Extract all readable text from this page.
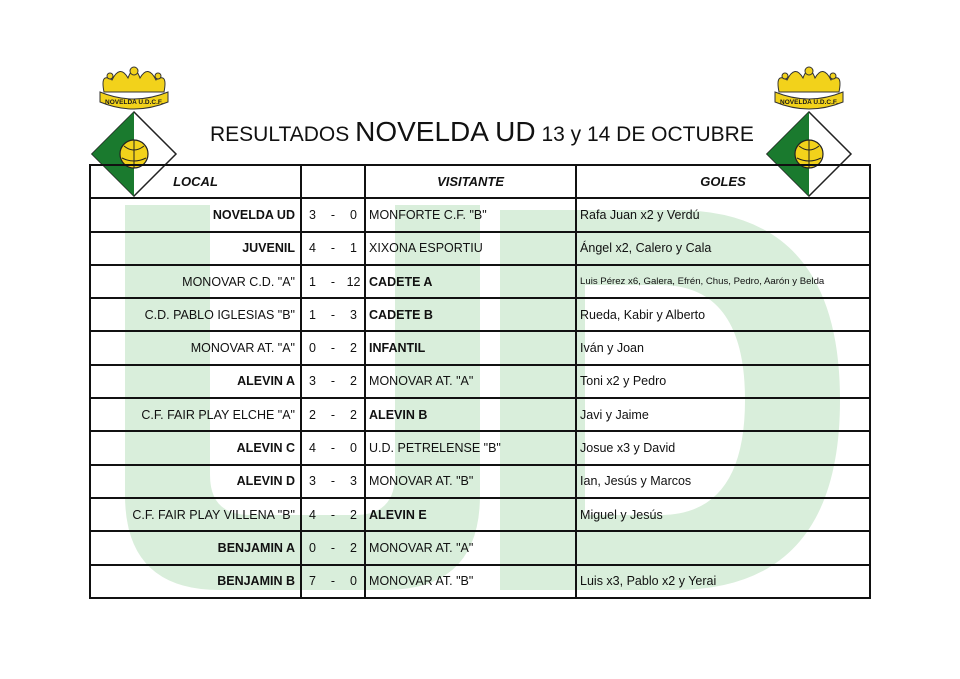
NOVELDA U.D.C.F.	NOVELDA U.D.C.F.
RESULTADOS NOVELDA UD 13 y 14 DE OCTUBRE
LOCAL				VISITANTE	GOLES
NOVELDA UD	3	-	0	MONFORTE C.F. "B"	Rafa Juan x2 y Verdú
JUVENIL	4	-	1	XIXONA ESPORTIU	Ángel x2, Calero y Cala
MONOVAR C.D. "A"	1	-	12	CADETE A	Luis Pérez x6, Galera, Efrén, Chus, Pedro, Aarón y Belda
C.D. PABLO IGLESIAS "B"	1	-	3	CADETE B	Rueda, Kabir y Alberto
MONOVAR AT. "A"	0	-	2	INFANTIL	Iván y Joan
ALEVIN A	3	-	2	MONOVAR AT. "A"	Toni x2 y Pedro
C.F. FAIR PLAY ELCHE "A"	2	-	2	ALEVIN B	Javi y Jaime
ALEVIN C	4	-	0	U.D. PETRELENSE "B"	Josue x3 y David
ALEVIN D	3	-	3	MONOVAR AT. "B"	Ian, Jesús y Marcos
C.F. FAIR PLAY VILLENA "B"	4	-	2	ALEVIN E	Miguel y Jesús
BENJAMIN A	0	-	2	MONOVAR AT. "A"	
BENJAMIN B	7	-	0	MONOVAR AT. "B"	Luis x3, Pablo x2 y Yerai
